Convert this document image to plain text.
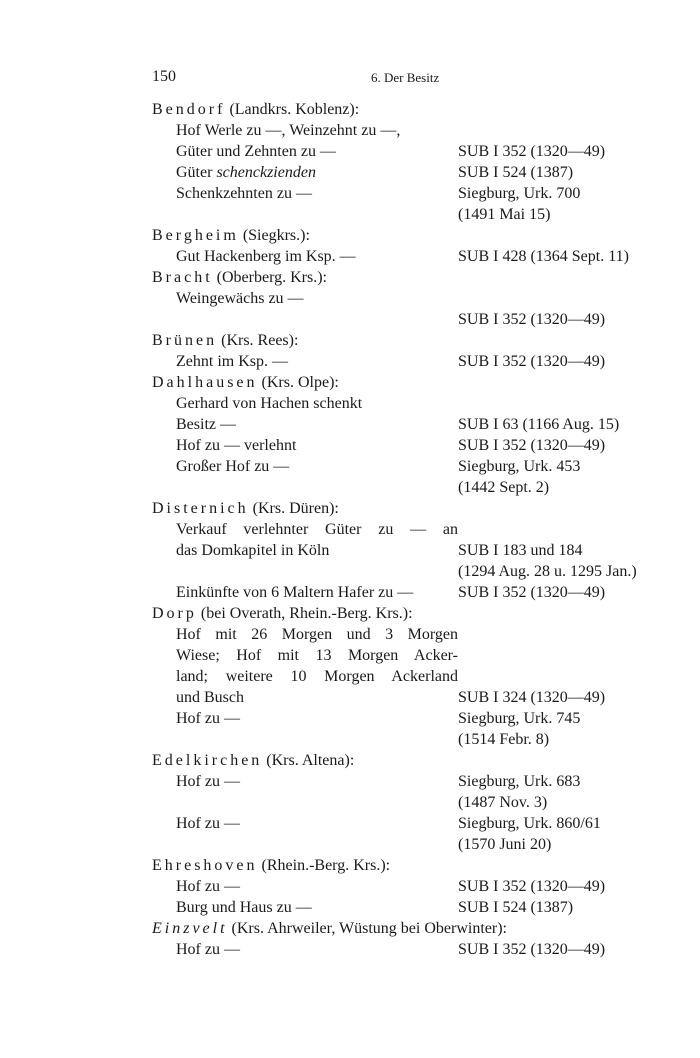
150	6. Der Besitz
Bendorf (Landkrs. Koblenz):
Hof Werle zu —, Weinzehnt zu —,
Güter und Zehnten zu —	SUB I 352 (1320—49)
Güter schenckzienden	SUB I 524 (1387)
Schenkzehnten zu —	Siegburg, Urk. 700

(1491 Mai 15)
Bergheim (Siegkrs.):
Gut Hackenberg im Ksp. —	SUB I 428 (1364 Sept. 11)
Bracht (Oberberg. Krs.):
Weingewächs zu —

SUB I 352 (1320—49)
Brünen (Krs. Rees):
Zehnt im Ksp. —	SUB I 352 (1320—49)
Dahlhausen (Krs. Olpe):
Gerhard von Hachen schenkt
Besitz —	SUB I 63 (1166 Aug. 15)
Hof zu — verlehnt	SUB I 352 (1320—49)
Großer Hof zu —	Siegburg, Urk. 453

(1442 Sept. 2)
Disternich (Krs. Düren):
Verkauf verlehnter Güter zu — an
das Domkapitel in Köln	SUB I 183 und 184

(1294 Aug. 28 u. 1295 Jan.)
Einkünfte von 6 Maltern Hafer zu —	SUB I 352 (1320—49)
Dorp (bei Overath, Rhein.-Berg. Krs.):
Hof mit 26 Morgen und 3 Morgen
Wiese; Hof mit 13 Morgen Acker-
land; weitere 10 Morgen Ackerland
und Busch	SUB I 324 (1320—49)
Hof zu —	Siegburg, Urk. 745

(1514 Febr. 8)
Edelkirchen (Krs. Altena):
Hof zu —	Siegburg, Urk. 683

(1487 Nov. 3)
Hof zu —	Siegburg, Urk. 860/61

(1570 Juni 20)
Ehreshoven (Rhein.-Berg. Krs.):
Hof zu —	SUB I 352 (1320—49)
Burg und Haus zu —	SUB I 524 (1387)
Einzvelt (Krs. Ahrweiler, Wüstung bei Oberwinter):
Hof zu —	SUB I 352 (1320—49)
